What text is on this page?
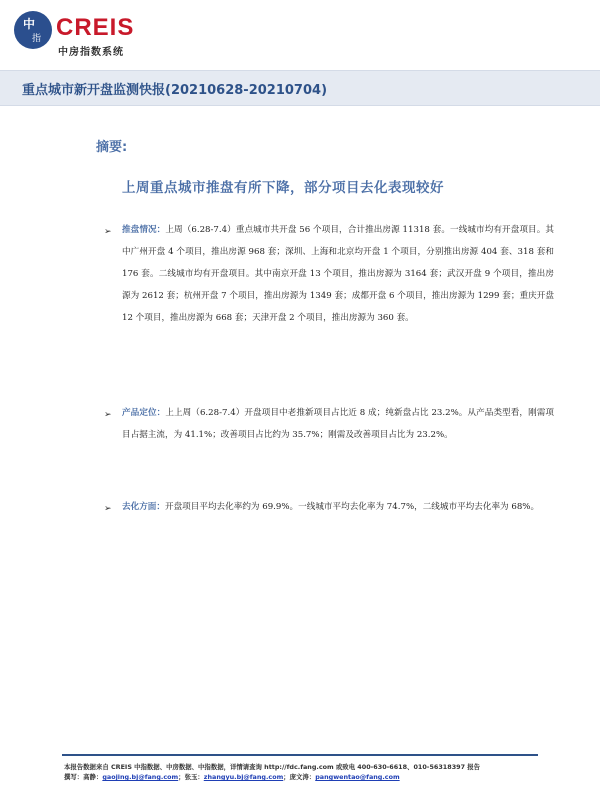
中
指 CREIS
中房指数系统
重点城市新开盘监测快报(20210628-20210704)
摘要:
上周重点城市推盘有所下降，部分项目去化表现较好
➢ 推盘情况：上周（6.28-7.4）重点城市共开盘 56 个项目，合计推出房源 11318 套。一线城市均有开盘项目。其中广州开盘 4 个项目，推出房源 968 套；深圳、上海和北京均开盘 1 个项目，分别推出房源 404 套、318 套和 176 套。二线城市均有开盘项目。其中南京开盘 13 个项目，推出房源为 3164 套；武汉开盘 9 个项目，推出房源为 2612 套；杭州开盘 7 个项目，推出房源为 1349 套；成都开盘 6 个项目，推出房源为 1299 套；重庆开盘 12 个项目，推出房源为 668 套；天津开盘 2 个项目，推出房源为 360 套。
➢ 产品定位：上上周（6.28-7.4）开盘项目中老推新项目占比近 8 成；纯新盘占比 23.2%。从产品类型看，刚需项目占据主流，为 41.1%；改善项目占比约为 35.7%；刚需及改善项目占比为 23.2%。
➢ 去化方面：开盘项目平均去化率约为 69.9%。一线城市平均去化率为 74.7%，二线城市平均去化率为 68%。
本报告数据来自 CREIS 中指数据、中房数据、中指数据，详情请查询 http://fdc.fang.com 或致电 400-630-6618、010-56318397 报告
撰写：高静：gaojing.bj@fang.com；张玉：zhangyu.bj@fang.com；庞文涛：pangwentao@fang.com
